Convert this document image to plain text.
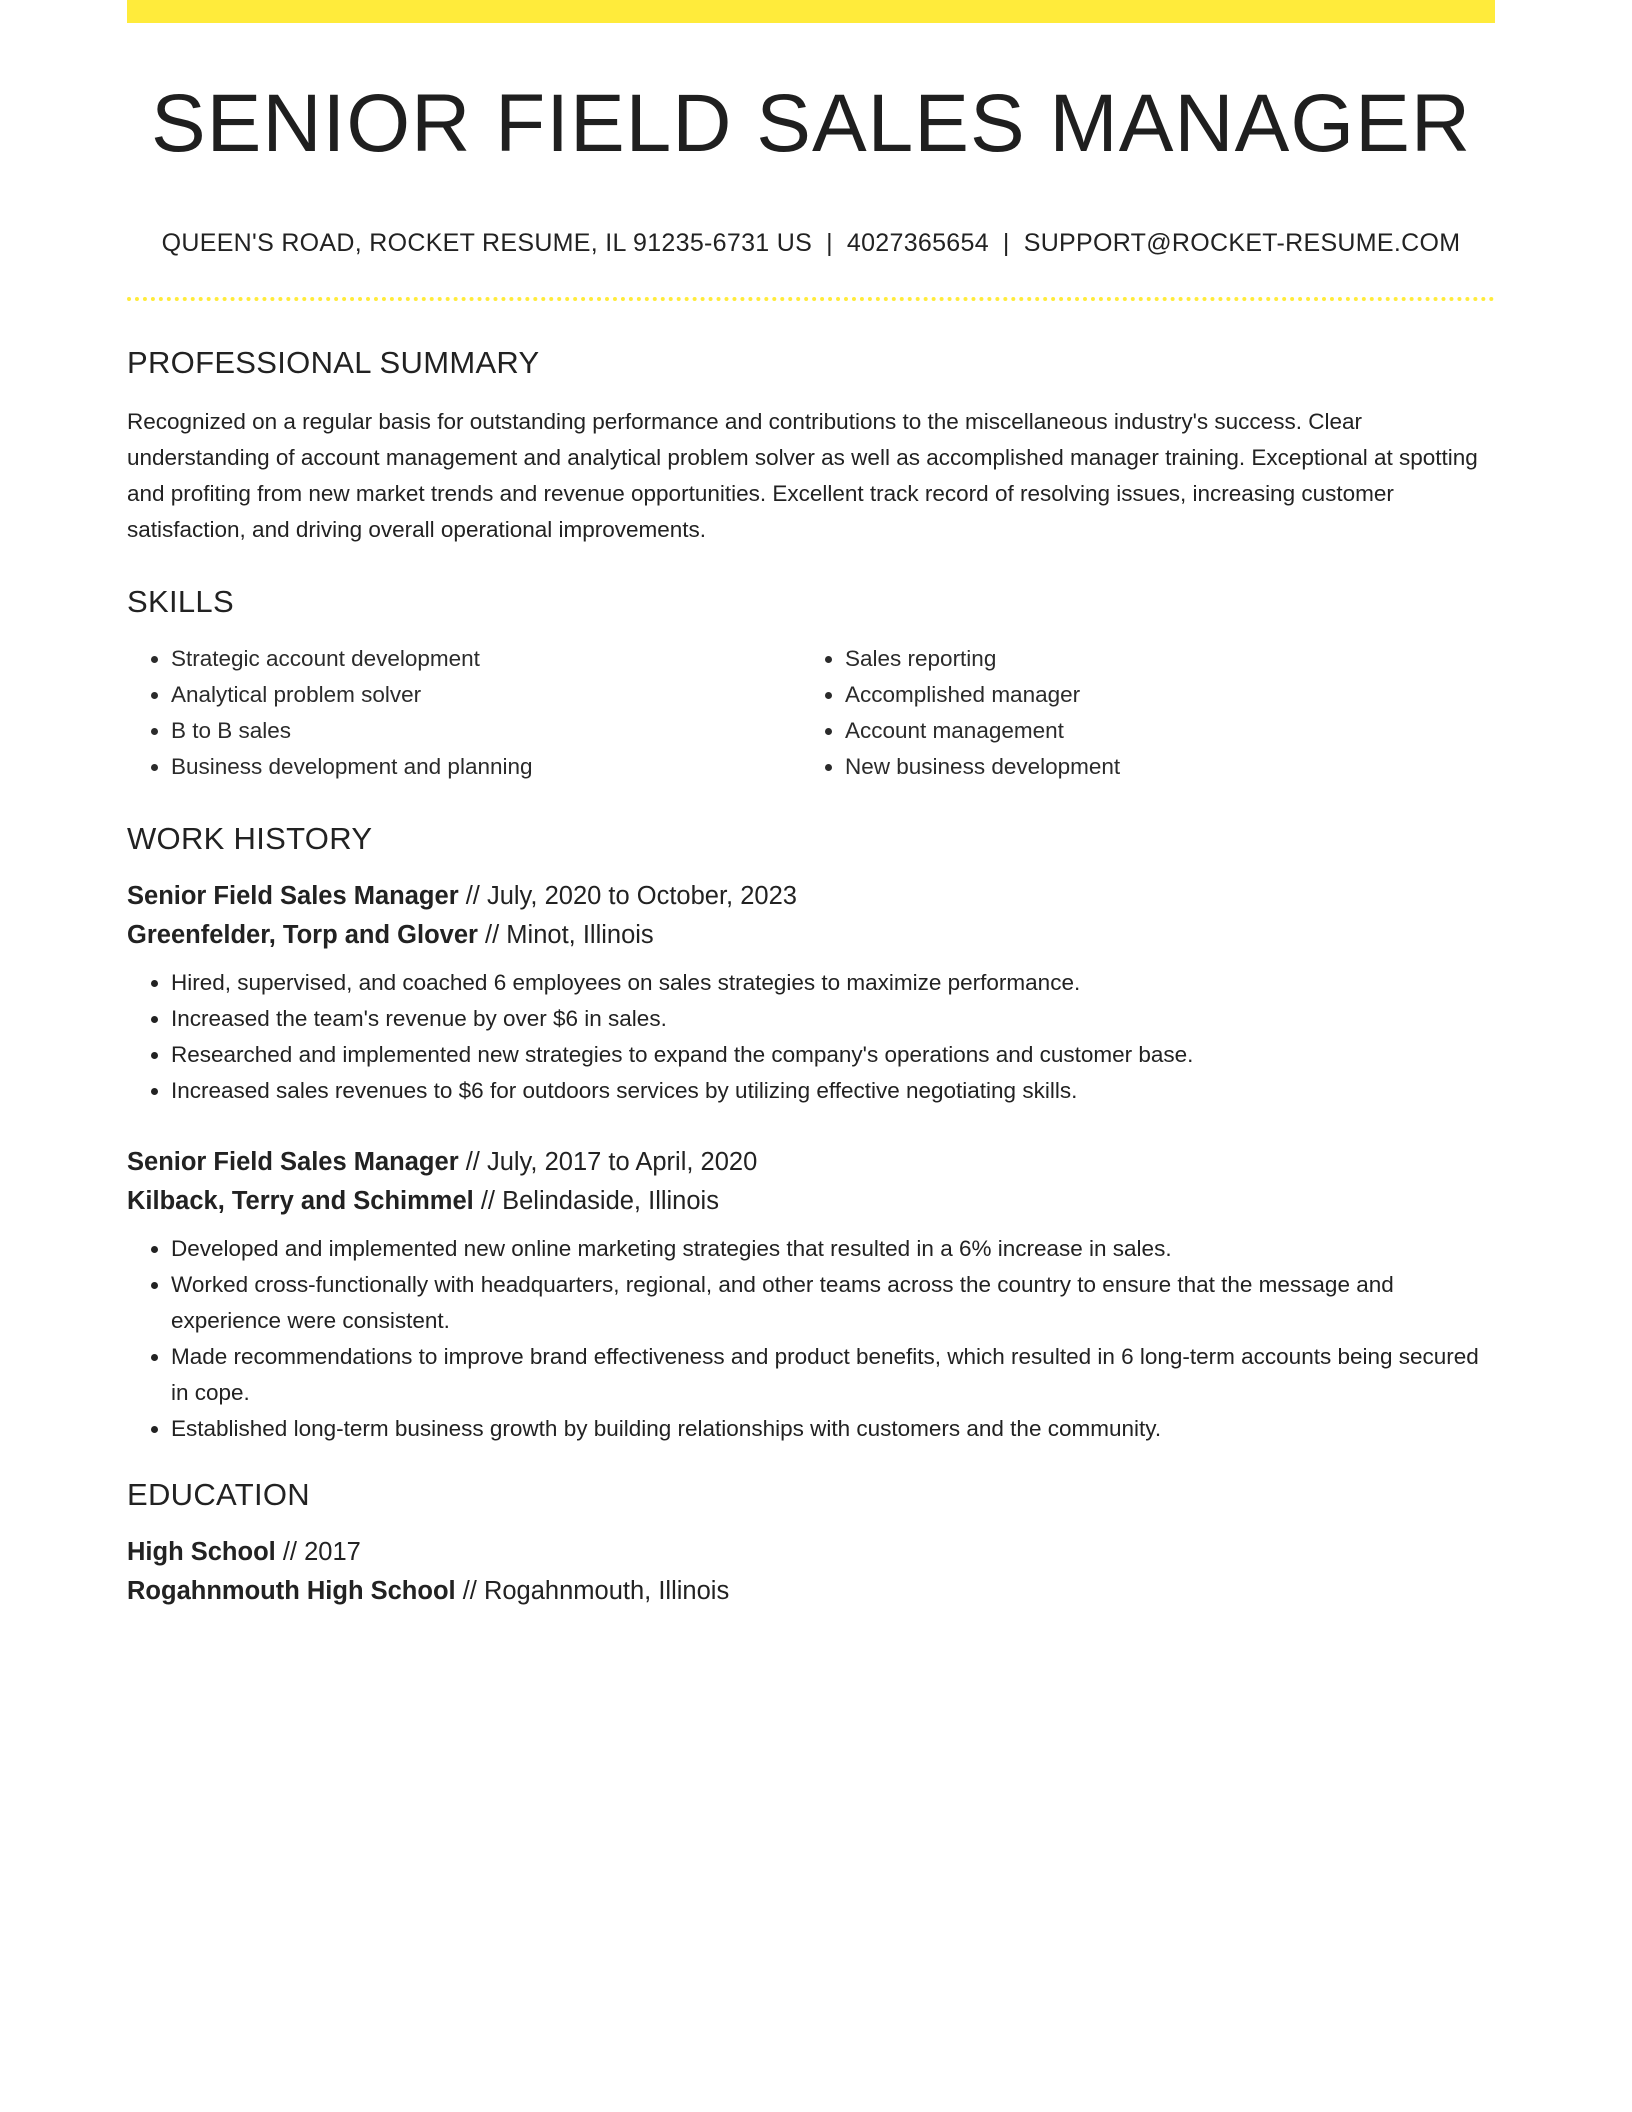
SENIOR FIELD SALES MANAGER
QUEEN'S ROAD, ROCKET RESUME, IL 91235-6731 US | 4027365654 | SUPPORT@ROCKET-RESUME.COM
PROFESSIONAL SUMMARY

Recognized on a regular basis for outstanding performance and contributions to the miscellaneous industry's success. Clear understanding of account management and analytical problem solver as well as accomplished manager training. Exceptional at spotting and profiting from new market trends and revenue opportunities. Excellent track record of resolving issues, increasing customer satisfaction, and driving overall operational improvements.

SKILLS
• Strategic account development
• Analytical problem solver
• B to B sales
• Business development and planning
• Sales reporting
• Accomplished manager
• Account management
• New business development
WORK HISTORY
Senior Field Sales Manager // July, 2020 to October, 2023
Greenfelder, Torp and Glover // Minot, Illinois
• Hired, supervised, and coached 6 employees on sales strategies to maximize performance.
• Increased the team's revenue by over $6 in sales.
• Researched and implemented new strategies to expand the company's operations and customer base.
• Increased sales revenues to $6 for outdoors services by utilizing effective negotiating skills.
Senior Field Sales Manager // July, 2017 to April, 2020
Kilback, Terry and Schimmel // Belindaside, Illinois
• Developed and implemented new online marketing strategies that resulted in a 6% increase in sales.
• Worked cross-functionally with headquarters, regional, and other teams across the country to ensure that the message and experience were consistent.
• Made recommendations to improve brand effectiveness and product benefits, which resulted in 6 long-term accounts being secured in cope.
• Established long-term business growth by building relationships with customers and the community.
EDUCATION
High School // 2017
Rogahnmouth High School // Rogahnmouth, Illinois
